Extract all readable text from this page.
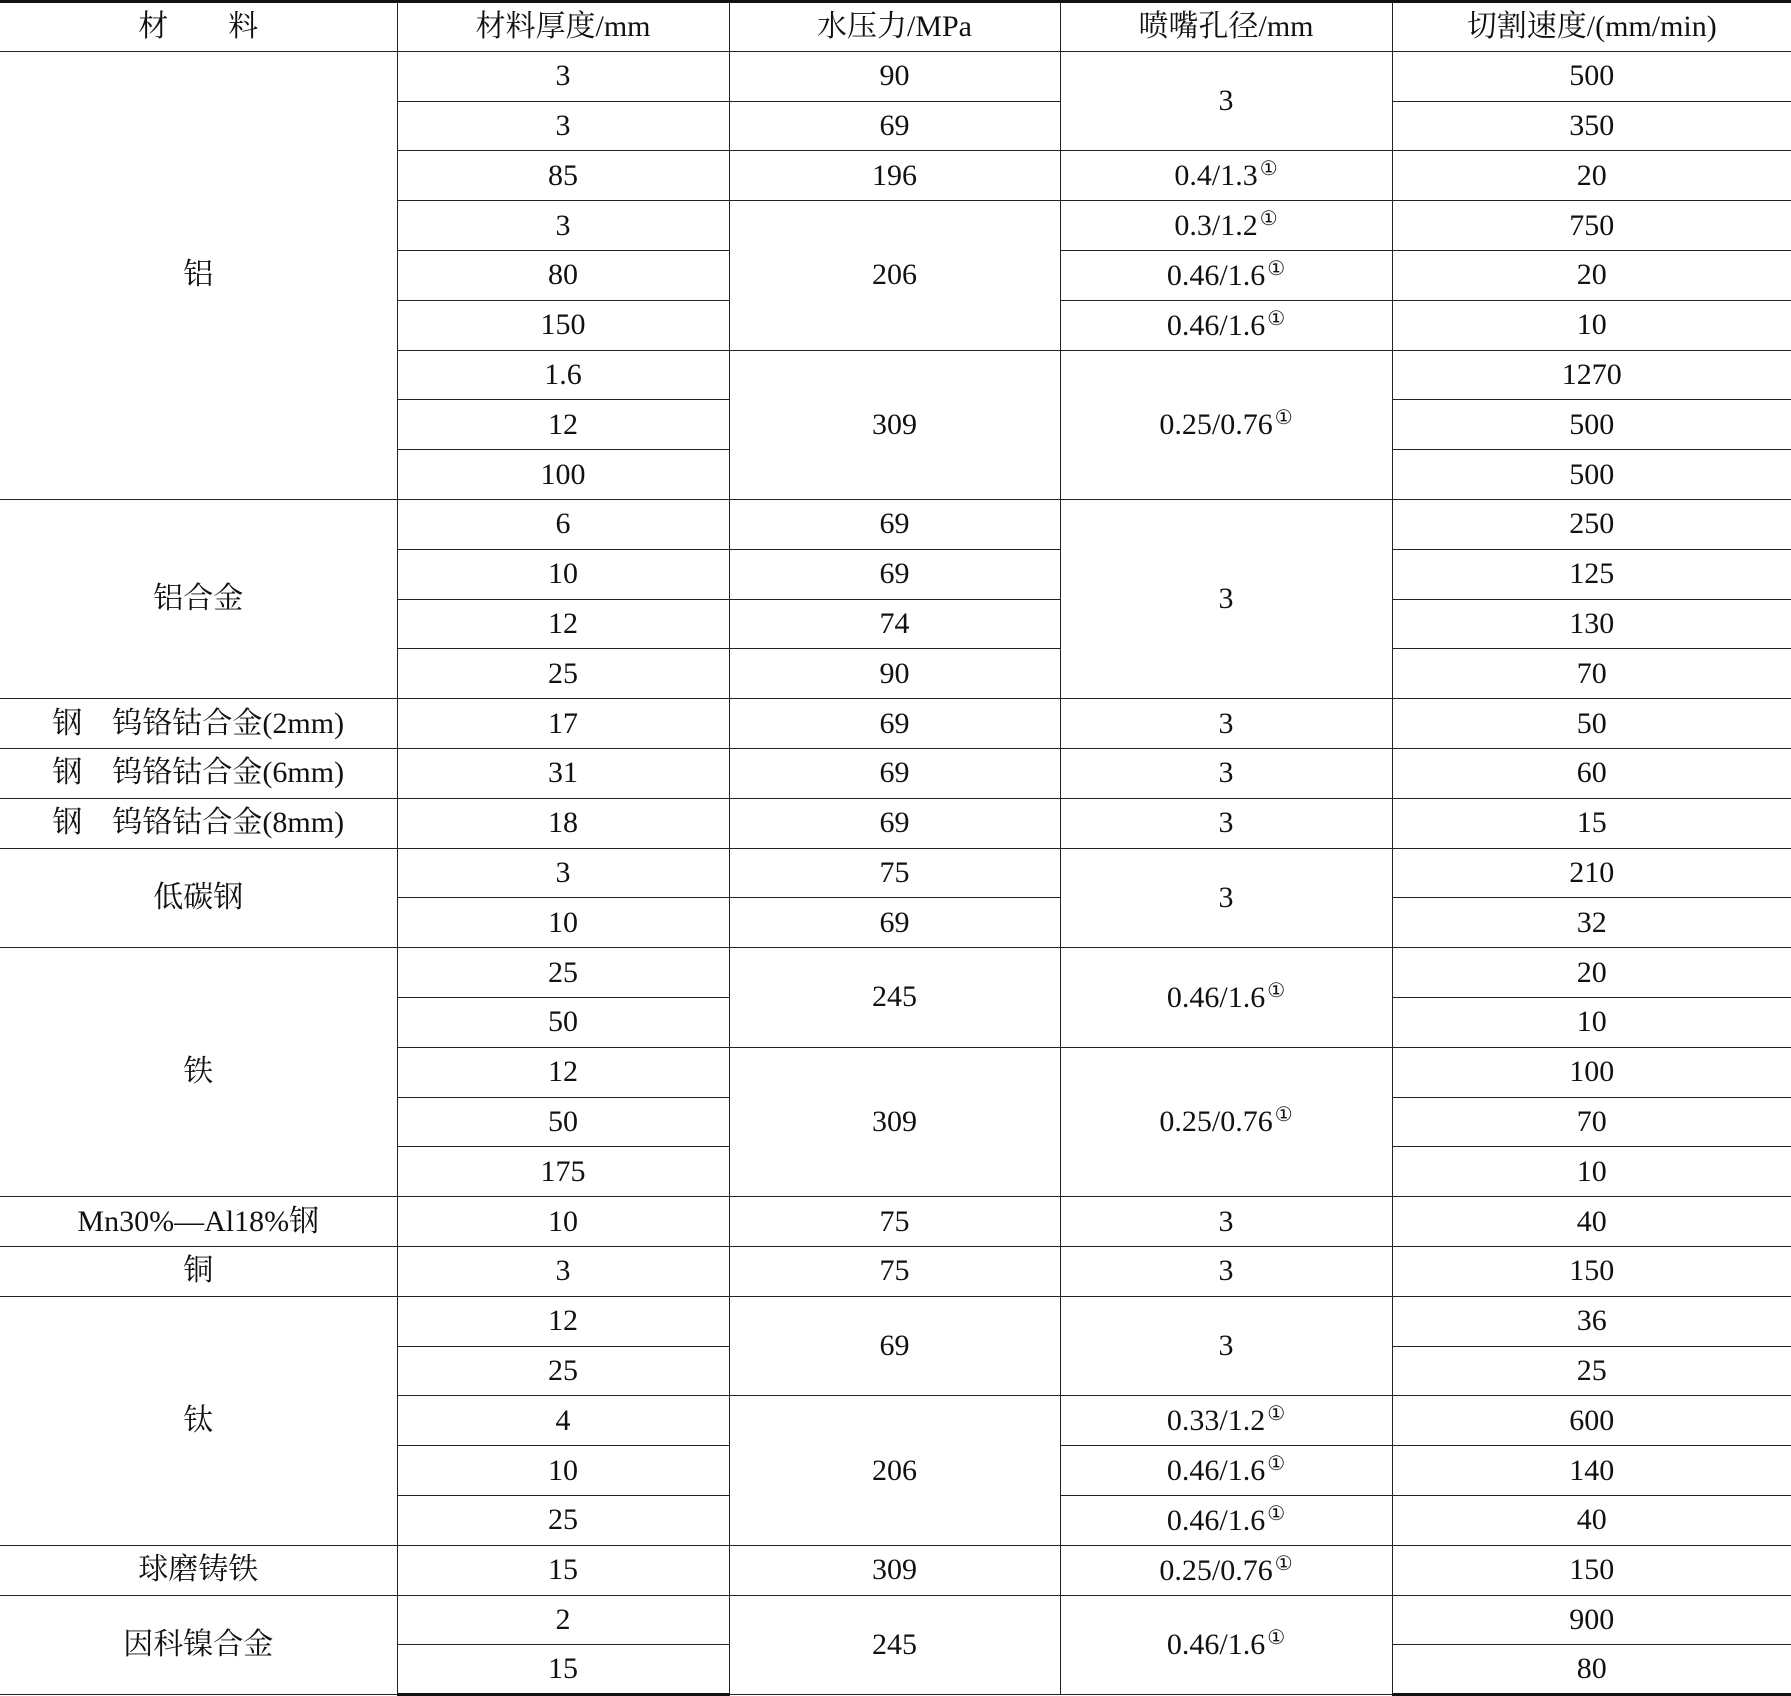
材　　料	材料厚度/mm	水压力/MPa	喷嘴孔径/mm	切割速度/(mm/min)
铝	3	90	3	500
	3	69		350
	85	196	0.4/1.3 ①	20
	3	206	0.3/1.2 ①	750
	80		0.46/1.6 ①	20
	150		0.46/1.6 ①	10
	1.6	309	0.25/0.76 ①	1270
	12			500
	100			500
铝合金	6	69	3	250
	10	69		125
	12	74		130
	25	90		70
钢　钨铬钴合金(2mm)	17	69	3	50
钢　钨铬钴合金(6mm)	31	69	3	60
钢　钨铬钴合金(8mm)	18	69	3	15
低碳钢	3	75	3	210
	10	69		32
铁	25	245	0.46/1.6 ①	20
	50			10
	12	309	0.25/0.76 ①	100
	50			70
	175			10
Mn30%—Al18%钢	10	75	3	40
铜	3	75	3	150
钛	12	69	3	36
	25			25
	4	206	0.33/1.2 ①	600
	10		0.46/1.6 ①	140
	25		0.46/1.6 ①	40
球磨铸铁	15	309	0.25/0.76 ①	150
因科镍合金	2	245	0.46/1.6 ①	900
	15			80
